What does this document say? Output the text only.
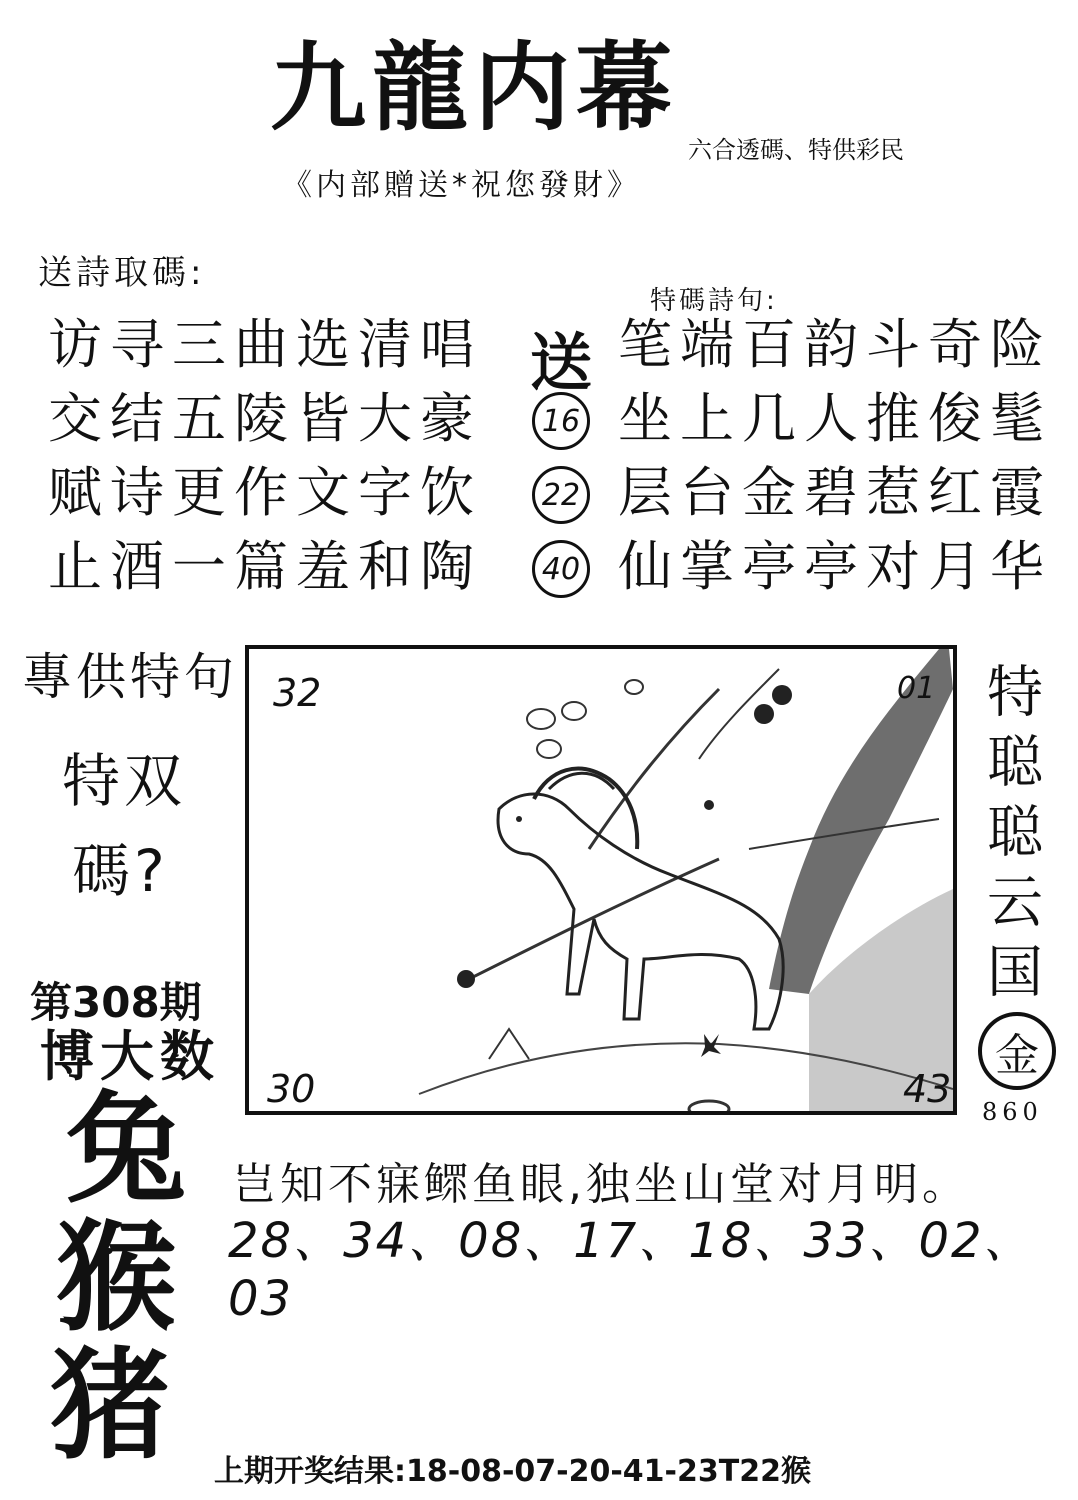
九龍内幕
六合透碼、特供彩民
《内部贈送*祝您發財》
送詩取碼:
访寻三曲选清唱
交结五陵皆大豪
赋诗更作文字饮
止酒一篇羞和陶
特碼詩句:
送 笔端百韵斗奇险
16 坐上几人推俊髦
22 层台金碧惹红霞
40 仙掌亭亭对月华
專供特句
特双
碼?
第308期
博大数
兔
猴
猪
32	01
30	43
特聪聪云国
金
860
岂知不寐鳏鱼眼,独坐山堂对月明。
28、34、08、17、18、33、02、03
上期开奖结果:18-08-07-20-41-23T22猴
